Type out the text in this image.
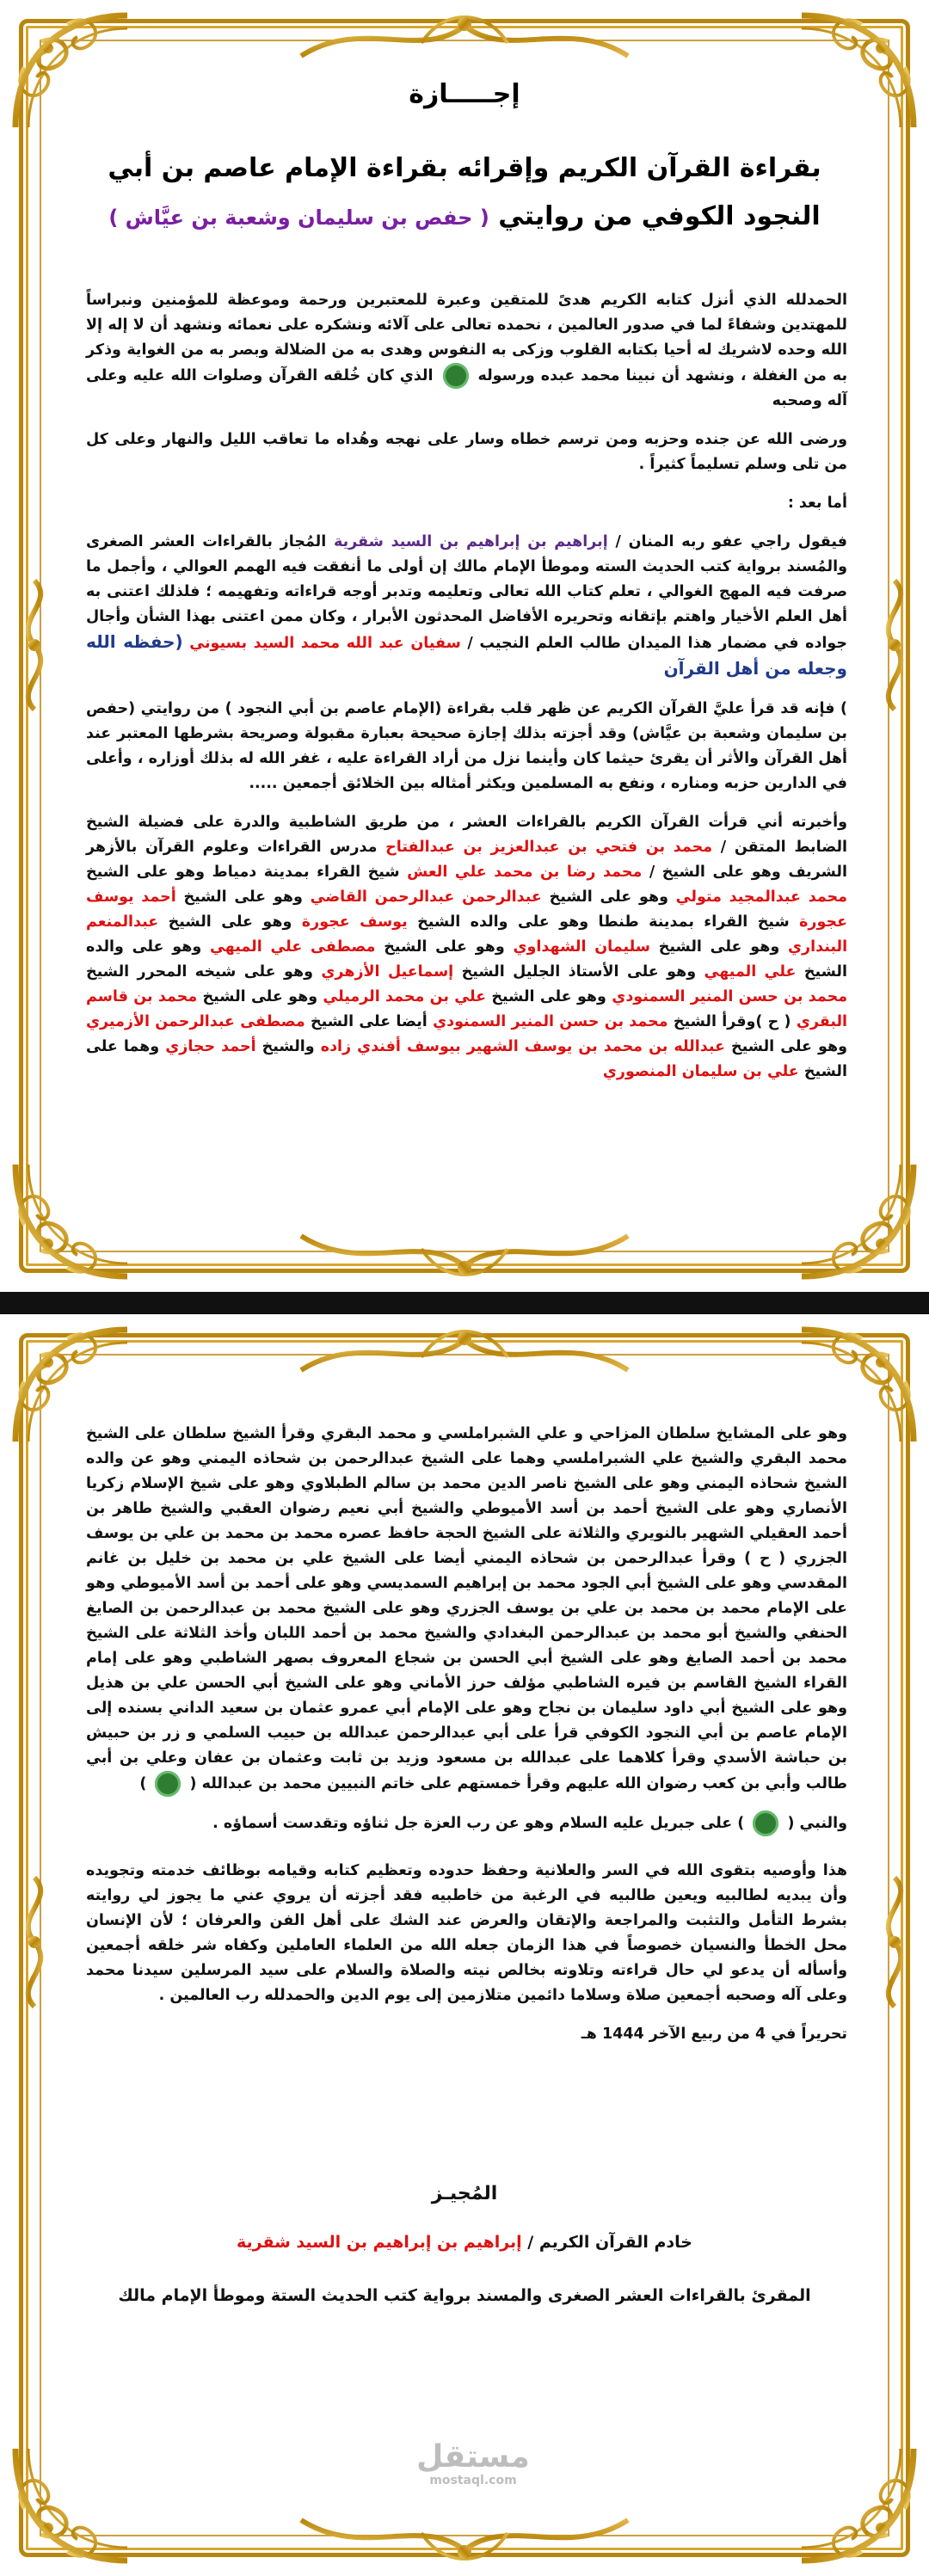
إجـــــازة
بقراءة القرآن الكريم وإقرائه بقراءة الإمام عاصم بن أبي
النجود الكوفي من روايتي ( حفص بن سليمان وشعبة بن عيَّاش )

الحمدلله الذي أنزل كتابه الكريم هدىً للمتقين وعبرة للمعتبرين ورحمة وموعظة للمؤمنين ونبراساً للمهتدين وشفاءً لما في صدور العالمين ، نحمده تعالى على آلائه ونشكره على نعمائه ونشهد أن لا إله إلا الله وحده لاشريك له أحيا بكتابه القلوب وزكى به النفوس وهدى به من الضلالة وبصر به من الغواية وذكر به من الغفلة ، ونشهد أن نبينا محمد عبده ورسوله  الذي كان خُلقه القرآن وصلوات الله عليه وعلى آله وصحبه

ورضى الله عن جنده وحزبه ومن ترسم خطاه وسار على نهجه وهُداه ما تعاقب الليل والنهار وعلى كل من تلى وسلم تسليماً كثيراً .

أما بعد :

فيقول راجي عفو ربه المنان / إبراهيم بن إبراهيم بن السيد شقرية المُجاز بالقراءات العشر الصغرى والمُسند برواية كتب الحديث السته وموطأ الإمام مالك إن أولى ما أنفقت فيه الهمم العوالي ، وأجمل ما صرفت فيه المهج الغوالي ، تعلم كتاب الله تعالى وتعليمه وتدبر أوجه قراءاته وتفهيمه ؛ فلذلك اعتنى به أهل العلم الأخيار واهتم بإتقانه وتحريره الأفاضل المحدثون الأبرار ، وكان ممن اعتنى بهذا الشأن وأجال جواده في مضمار هذا الميدان طالب العلم النجيب / سفيان عبد الله محمد السيد بسيوني (حفظه الله وجعله من أهل القرآن

) فإنه قد قرأ عليَّ القرآن الكريم عن ظهر قلب بقراءة (الإمام عاصم بن أبي النجود ) من روايتي (حفص بن سليمان وشعبة بن عيَّاش) وقد أجزته بذلك إجازة صحيحة بعبارة مقبولة وصريحة بشرطها المعتبر عند أهل القرآن والأثر أن يقرئ حيثما كان وأينما نزل من أراد القراءة عليه ، غفر الله له بذلك أوزاره ، وأعلى في الدارين حزبه ومناره ، ونفع به المسلمين ويكثر أمثاله بين الخلائق أجمعين .....

وأخبرته أني قرأت القرآن الكريم بالقراءات العشر ، من طريق الشاطبية والدرة على فضيلة الشيخ الضابط المتقن / محمد بن فتحي بن عبدالعزيز بن عبدالفتاح مدرس القراءات وعلوم القرآن بالأزهر الشريف وهو على الشيخ / محمد رضا بن محمد علي العش شيخ القراء بمدينة دمياط وهو على الشيخ محمد عبدالمجيد متولي وهو على الشيخ عبدالرحمن عبدالرحمن القاضي وهو على الشيخ أحمد يوسف عجورة شيخ القراء بمدينة طنطا وهو على والده الشيخ يوسف عجورة وهو على الشيخ عبدالمنعم البنداري وهو على الشيخ سليمان الشهداوي وهو على الشيخ مصطفى علي الميهي وهو على والده الشيخ علي الميهي وهو على الأستاذ الجليل الشيخ إسماعيل الأزهري وهو على شيخه المحرر الشيخ محمد بن حسن المنير السمنودي وهو على الشيخ علي بن محمد الرميلي وهو على الشيخ محمد بن قاسم البقري ( ح )وقرأ الشيخ محمد بن حسن المنير السمنودي أيضا على الشيخ مصطفى عبدالرحمن الأزميري وهو على الشيخ عبدالله بن محمد بن يوسف الشهير بيوسف أفندي زاده والشيخ أحمد حجازي وهما على الشيخ علي بن سليمان المنصوري

وهو على المشايخ سلطان المزاحي و علي الشبراملسي و محمد البقري وقرأ الشيخ سلطان على الشيخ محمد البقري والشيخ علي الشبراملسي وهما على الشيخ عبدالرحمن بن شحاذه اليمني وهو عن والده الشيخ شحاذه اليمني وهو على الشيخ ناصر الدين محمد بن سالم الطبلاوي وهو على شيخ الإسلام زكريا الأنصاري وهو على الشيخ أحمد بن أسد الأميوطي والشيخ أبي نعيم رضوان العقبي والشيخ طاهر بن أحمد العقيلي الشهير بالنويري والثلاثة على الشيخ الحجة حافظ عصره محمد بن محمد بن علي بن يوسف الجزري ( ح ) وقرأ عبدالرحمن بن شحاذه اليمني أيضا على الشيخ علي بن محمد بن خليل بن غانم المقدسي وهو على الشيخ أبي الجود محمد بن إبراهيم السمديسي وهو على أحمد بن أسد الأميوطي وهو على الإمام محمد بن محمد بن علي بن يوسف الجزري وهو على الشيخ محمد بن عبدالرحمن بن الصايغ الحنفي والشيخ أبو محمد بن عبدالرحمن البغدادي والشيخ محمد بن أحمد اللبان وأخذ الثلاثة على الشيخ محمد بن أحمد الصايغ وهو على الشيخ أبي الحسن بن شجاع المعروف بصهر الشاطبي وهو على إمام القراء الشيخ القاسم بن فيره الشاطبي مؤلف حرز الأماني وهو على الشيخ أبي الحسن علي بن هذيل وهو على الشيخ أبي داود سليمان بن نجاح وهو على الإمام أبي عمرو عثمان بن سعيد الداني بسنده إلى الإمام عاصم بن أبي النجود الكوفي قرأ على أبي عبدالرحمن عبدالله بن حبيب السلمي و زر بن حبيش بن حباشة الأسدي وقرأ كلاهما على عبدالله بن مسعود وزيد بن ثابت وعثمان بن عفان وعلي بن أبي طالب وأبي بن كعب رضوان الله عليهم وقرأ خمستهم على خاتم النبيين محمد بن عبدالله (  )

والنبي (  ) على جبريل عليه السلام وهو عن رب العزة جل ثناؤه وتقدست أسماؤه .

هذا وأوصيه بتقوى الله في السر والعلانية وحفظ حدوده وتعظيم كتابه وقيامه بوظائف خدمته وتجويده وأن يبديه لطالبيه ويعين طالبيه في الرغبة من خاطبيه فقد أجزته أن يروي عني ما يجوز لي روايته بشرط التأمل والتثبت والمراجعة والإتقان والعرض عند الشك على أهل الفن والعرفان ؛ لأن الإنسان محل الخطأ والنسيان خصوصاً في هذا الزمان جعله الله من العلماء العاملين وكفاه شر خلقه أجمعين وأسأله أن يدعو لي حال قراءته وتلاوته بخالص نيته والصلاة والسلام على سيد المرسلين سيدنا محمد وعلى آله وصحبه أجمعين صلاة وسلاما دائمين متلازمين إلى يوم الدين والحمدلله رب العالمين .

تحريراً في 4 من ربيع الآخر 1444 هـ

المُجيـز
خادم القرآن الكريم / إبراهيم بن إبراهيم بن السيد شقرية
المقرئ بالقراءات العشر الصغرى والمسند برواية كتب الحديث الستة وموطأ الإمام مالك
مستقل
mostaql.com
